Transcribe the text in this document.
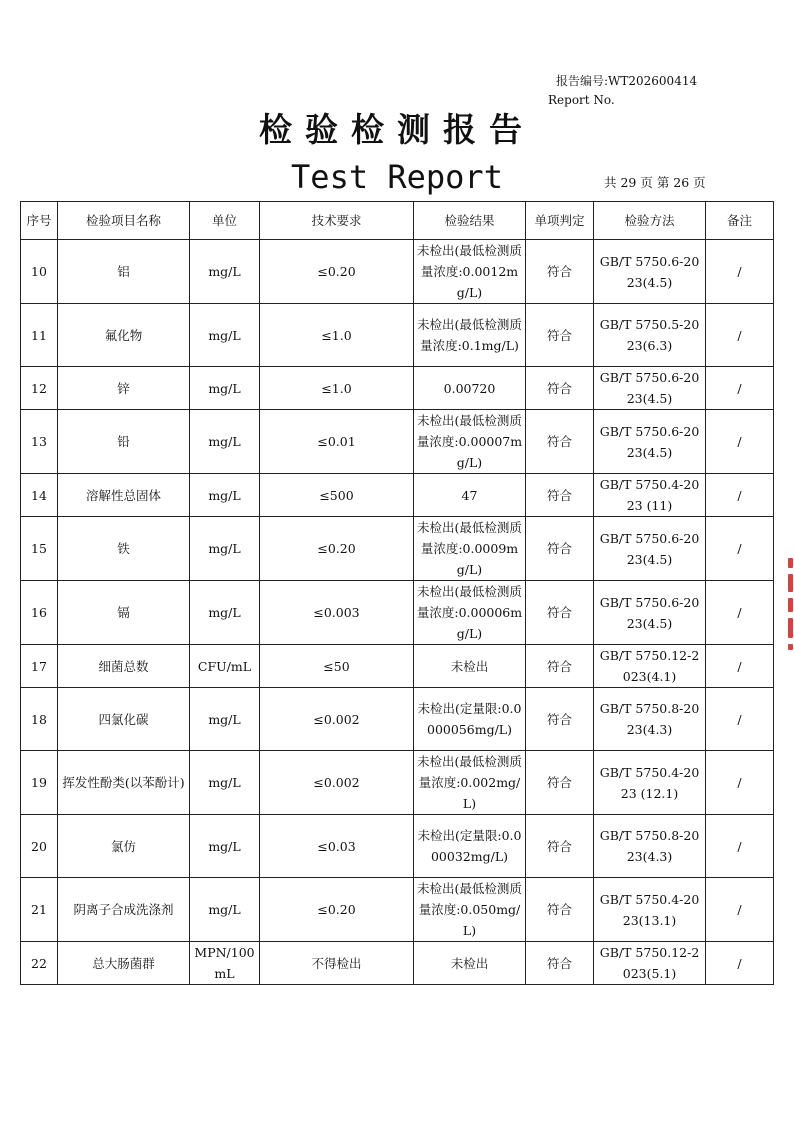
报告编号:WT202600414
Report No.
检验检测报告
Test Report	共 29 页 第 26 页
序号	检验项目名称	单位	技术要求	检验结果	单项判定	检验方法	备注
10	铝	mg/L	≤0.20	未检出(最低检测质量浓度:0.0012mg/L)	符合	GB/T 5750.6-2023(4.5)	/
11	氟化物	mg/L	≤1.0	未检出(最低检测质量浓度:0.1mg/L)	符合	GB/T 5750.5-2023(6.3)	/
12	锌	mg/L	≤1.0	0.00720	符合	GB/T 5750.6-2023(4.5)	/
13	铅	mg/L	≤0.01	未检出(最低检测质量浓度:0.00007mg/L)	符合	GB/T 5750.6-2023(4.5)	/
14	溶解性总固体	mg/L	≤500	47	符合	GB/T 5750.4-2023 (11)	/
15	铁	mg/L	≤0.20	未检出(最低检测质量浓度:0.0009mg/L)	符合	GB/T 5750.6-2023(4.5)	/
16	镉	mg/L	≤0.003	未检出(最低检测质量浓度:0.00006mg/L)	符合	GB/T 5750.6-2023(4.5)	/
17	细菌总数	CFU/mL	≤50	未检出	符合	GB/T 5750.12-2023(4.1)	/
18	四氯化碳	mg/L	≤0.002	未检出(定量限:0.0000056mg/L)	符合	GB/T 5750.8-2023(4.3)	/
19	挥发性酚类(以苯酚计)	mg/L	≤0.002	未检出(最低检测质量浓度:0.002mg/L)	符合	GB/T 5750.4-2023 (12.1)	/
20	氯仿	mg/L	≤0.03	未检出(定量限:0.000032mg/L)	符合	GB/T 5750.8-2023(4.3)	/
21	阴离子合成洗涤剂	mg/L	≤0.20	未检出(最低检测质量浓度:0.050mg/L)	符合	GB/T 5750.4-2023(13.1)	/
22	总大肠菌群	MPN/100mL	不得检出	未检出	符合	GB/T 5750.12-2023(5.1)	/
